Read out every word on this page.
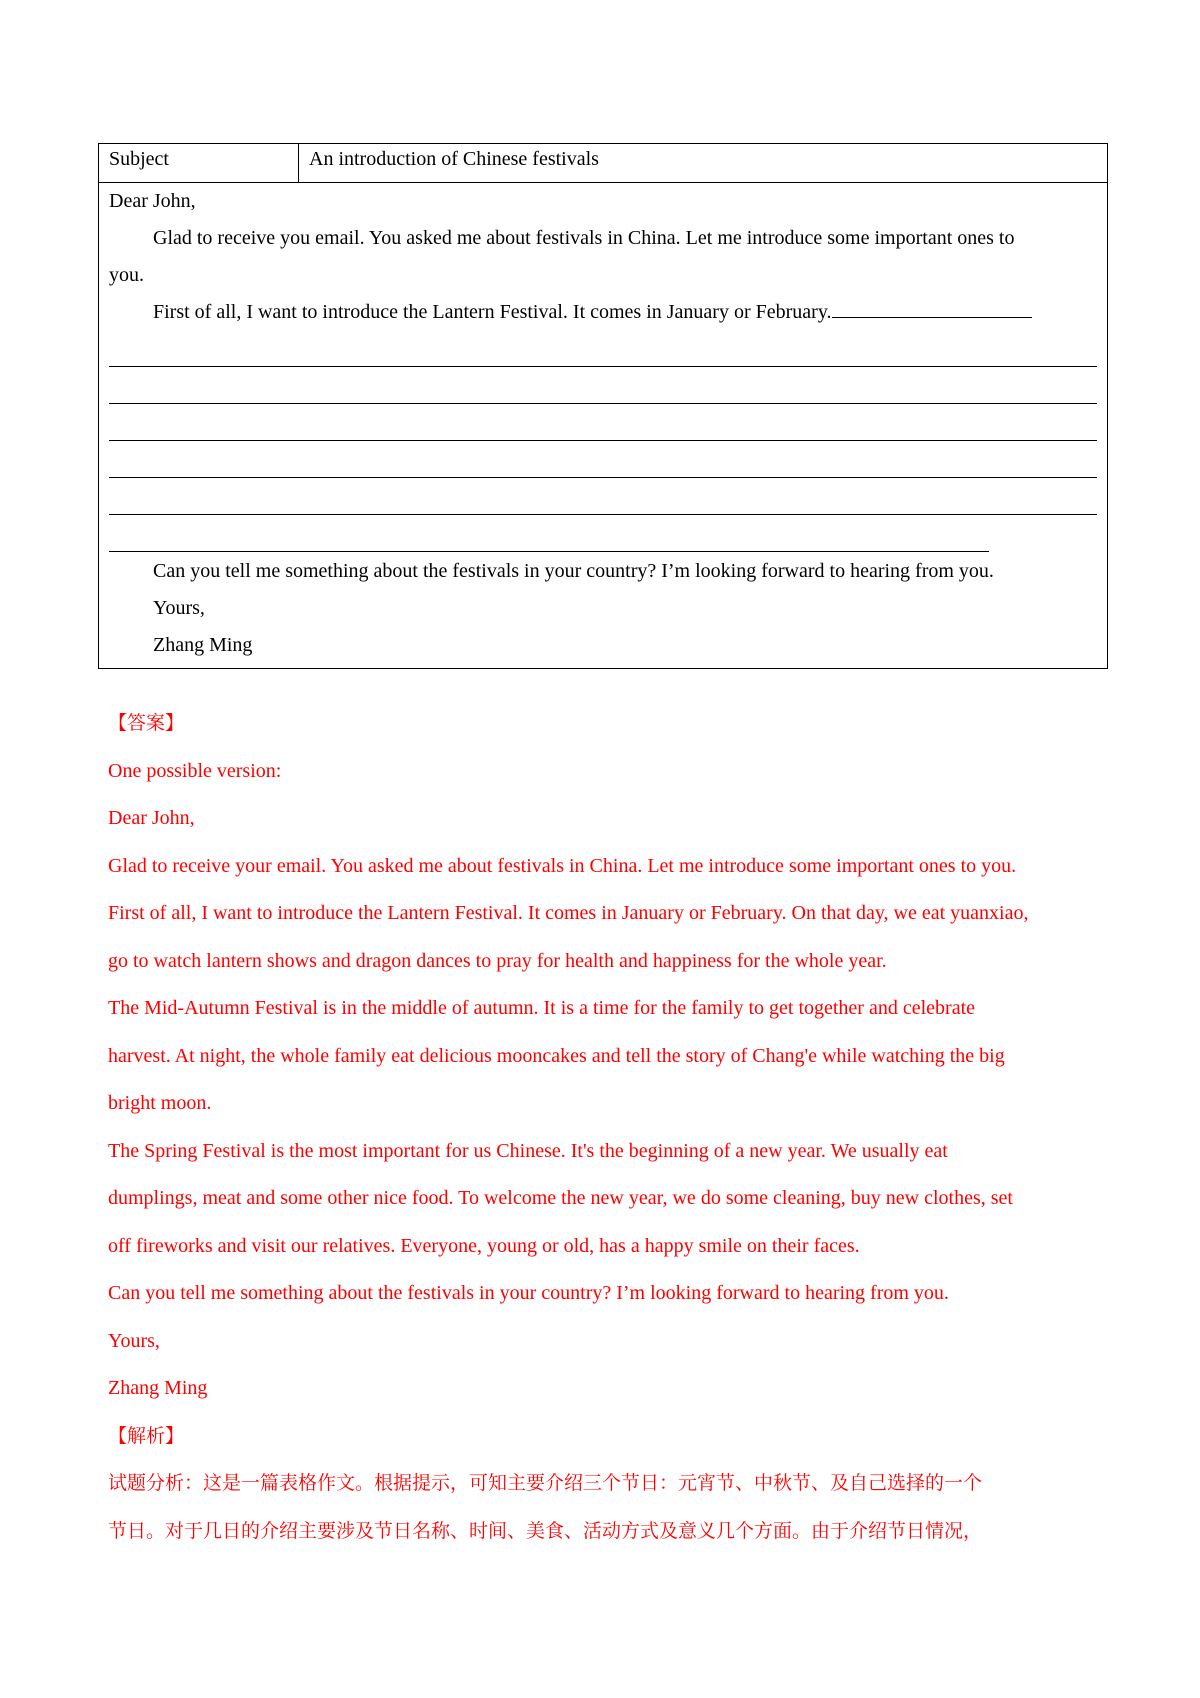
Subject	An introduction of Chinese festivals
Dear John,
Glad to receive you email. You asked me about festivals in China. Let me introduce some important ones to
you.
First of all, I want to introduce the Lantern Festival. It comes in January or February.
Can you tell me something about the festivals in your country? I’m looking forward to hearing from you.
Yours,
Zhang Ming

【答案】

One possible version:

Dear John,

Glad to receive your email. You asked me about festivals in China. Let me introduce some important ones to you.

First of all, I want to introduce the Lantern Festival. It comes in January or February. On that day, we eat yuanxiao,

go to watch lantern shows and dragon dances to pray for health and happiness for the whole year.

The Mid-Autumn Festival is in the middle of autumn. It is a time for the family to get together and celebrate

harvest. At night, the whole family eat delicious mooncakes and tell the story of Chang'e while watching the big

bright moon.

The Spring Festival is the most important for us Chinese. It's the beginning of a new year. We usually eat

dumplings, meat and some other nice food. To welcome the new year, we do some cleaning, buy new clothes, set

off fireworks and visit our relatives. Everyone, young or old, has a happy smile on their faces.

Can you tell me something about the festivals in your country? I’m looking forward to hearing from you.

Yours,

Zhang Ming

【解析】

试题分析：这是一篇表格作文。根据提示，可知主要介绍三个节日：元宵节、中秋节、及自己选择的一个

节日。对于几日的介绍主要涉及节日名称、时间、美食、活动方式及意义几个方面。由于介绍节日情况，
